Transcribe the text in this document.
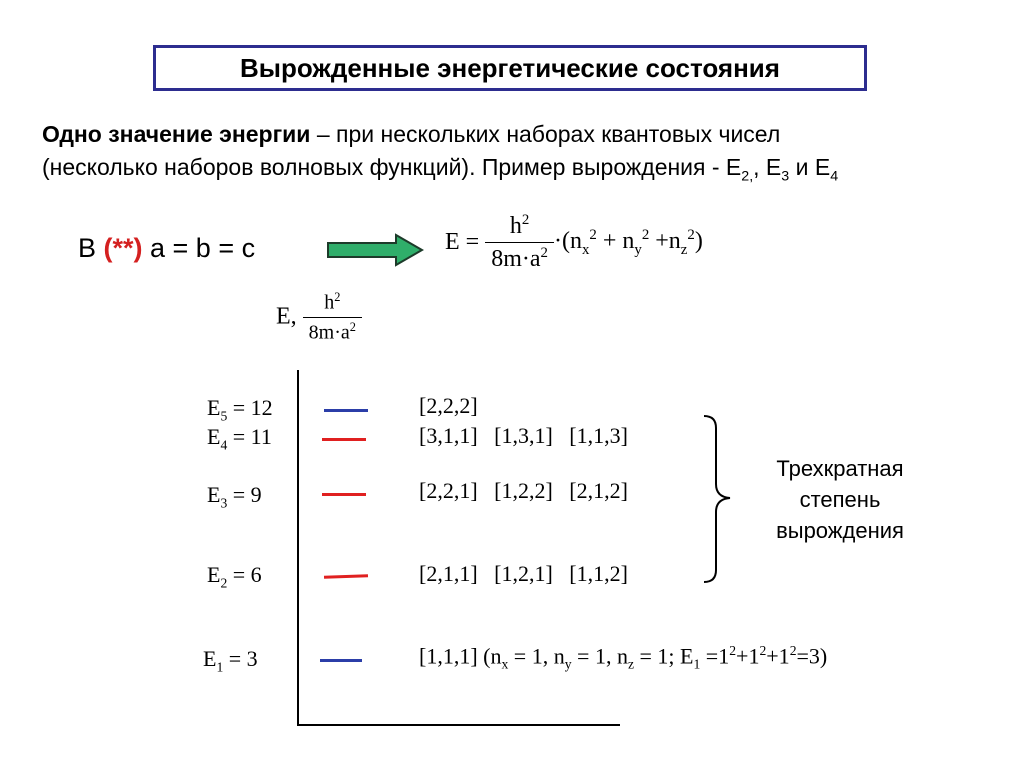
Вырожденные энергетические состояния
Одно значение энергии – при нескольких наборах квантовых чисел
(несколько наборов волновых функций). Пример вырождения - $Е_{2,}$, $Е_3$ и $Е_4$
В (**) a = b = c	$E = \frac{h^2}{8m\cdot a^2} \cdot(n_x^2 + n_y^2 +n_z^2)$
E, $\frac{h^2}{8m\cdot a^2}$
$E_5 = 12$	[2,2,2]
$E_4 = 11$	[3,1,1]   [1,3,1]   [1,1,3]
$E_3 = 9$	[2,2,1]   [1,2,2]   [2,1,2]
$E_2 = 6$	[2,1,1]   [1,2,1]   [1,1,2]
$E_1 = 3$	[1,1,1] ($n_x = 1$, $n_y = 1$, $n_z = 1$; $E_1 =1^2+1^2+1^2=3$)
Трехкратная
степень
вырождения
